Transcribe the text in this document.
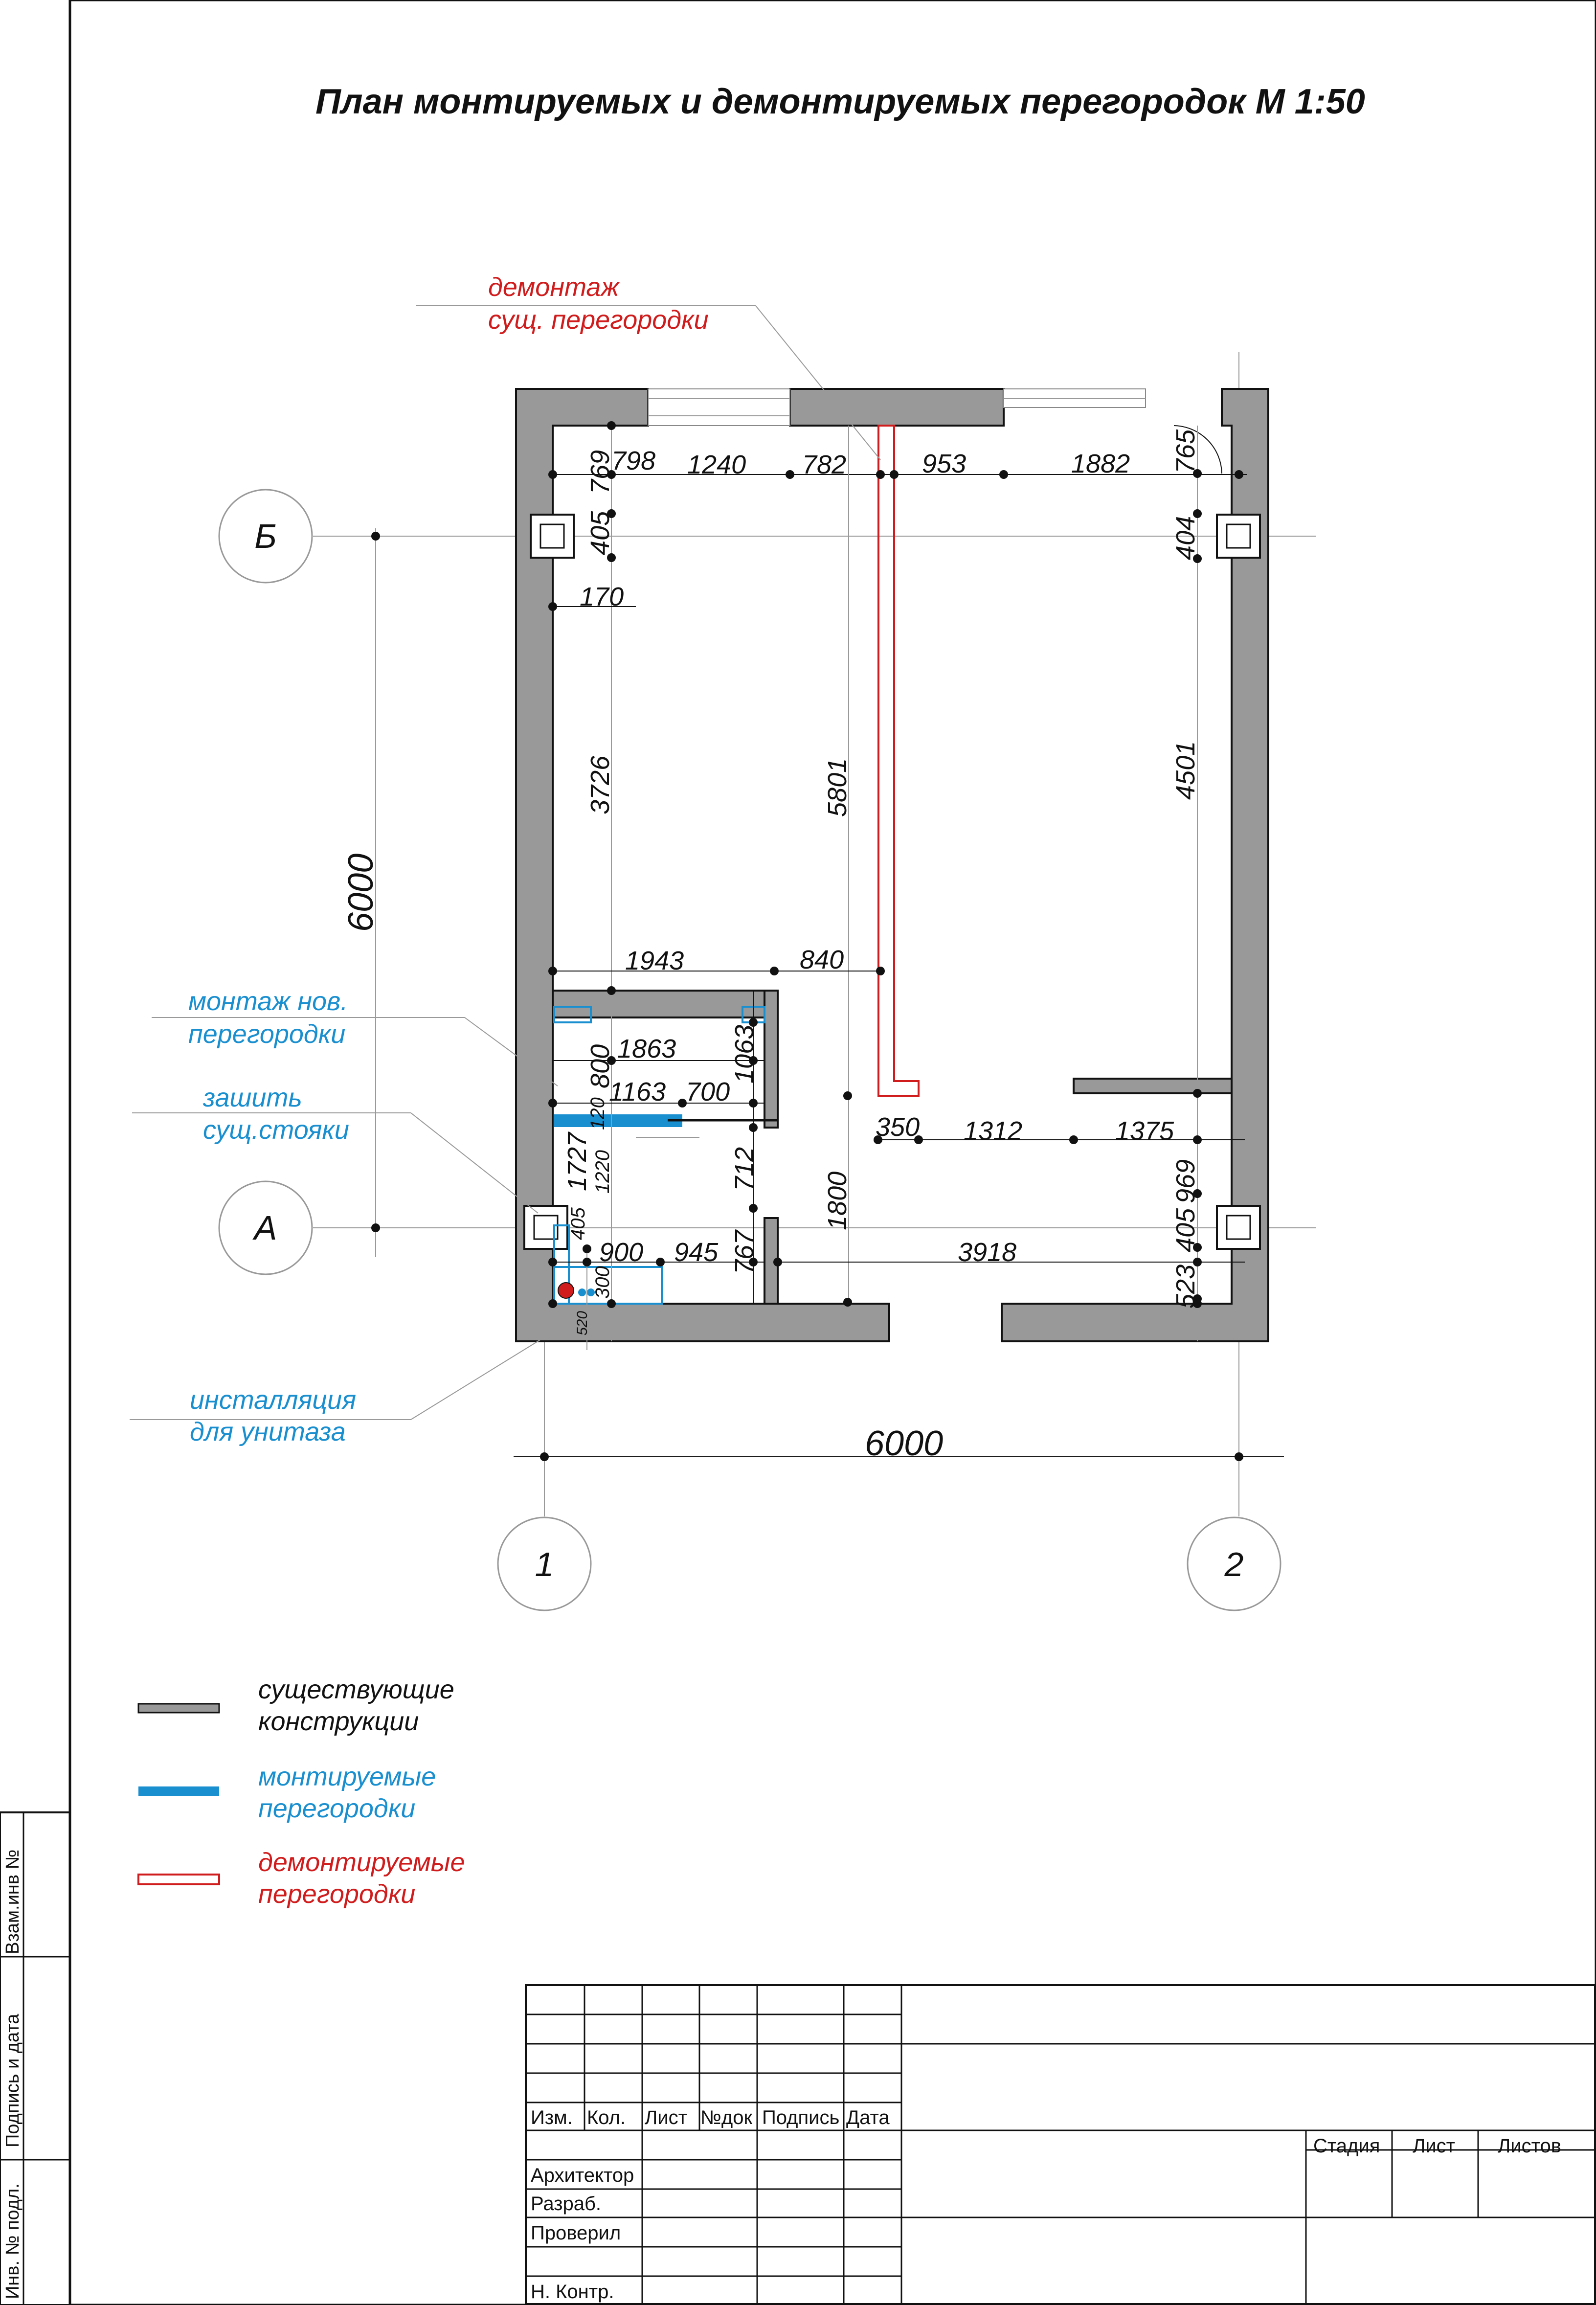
План монтируемых и демонтируемых перегородок М 1:50
Б
А
1	2
демонтаж
сущ. перегородки
монтаж нов.
перегородки
зашить
сущ.стояки
инсталляция
для унитаза
798 1240 782	953	1882
170
1943	840
1863
1163 700
350 1312	1375
900 945	3918
6000
769	765
405	404
3726	5801	4501
6000
800	1063
120
1727 1220	712
1800	969
405
405
767
523
300
520
существующие
конструкции
монтируемые
перегородки
демонтируемые
перегородки
Взам.инв №
Подпись и дата
Инв. № подл.
Изм. Кол. Лист №док Подпись Дата
Архитектор
Разраб.
Проверил
Н. Контр.
Стадия Лист Листов
